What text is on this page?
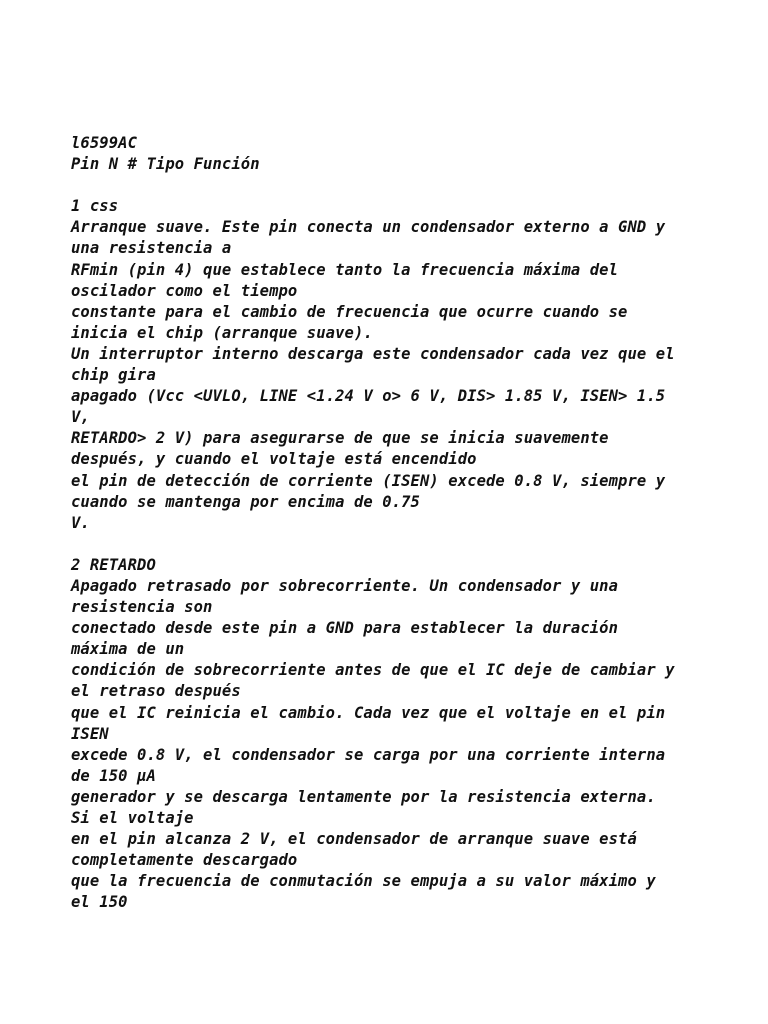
l6599AC
Pin N # Tipo Función
1 css
Arranque suave. Este pin conecta un condensador externo a GND y
una resistencia a
RFmin (pin 4) que establece tanto la frecuencia máxima del
oscilador como el tiempo
constante para el cambio de frecuencia que ocurre cuando se
inicia el chip (arranque suave).
Un interruptor interno descarga este condensador cada vez que el
chip gira
apagado (Vcc <UVLO, LINE <1.24 V o> 6 V, DIS> 1.85 V, ISEN> 1.5
V,
RETARDO> 2 V) para asegurarse de que se inicia suavemente
después, y cuando el voltaje está encendido
el pin de detección de corriente (ISEN) excede 0.8 V, siempre y
cuando se mantenga por encima de 0.75
V.
2 RETARDO
Apagado retrasado por sobrecorriente. Un condensador y una
resistencia son
conectado desde este pin a GND para establecer la duración
máxima de un
condición de sobrecorriente antes de que el IC deje de cambiar y
el retraso después
que el IC reinicia el cambio. Cada vez que el voltaje en el pin
ISEN
excede 0.8 V, el condensador se carga por una corriente interna
de 150 µA
generador y se descarga lentamente por la resistencia externa.
Si el voltaje
en el pin alcanza 2 V, el condensador de arranque suave está
completamente descargado
que la frecuencia de conmutación se empuja a su valor máximo y
el 150
